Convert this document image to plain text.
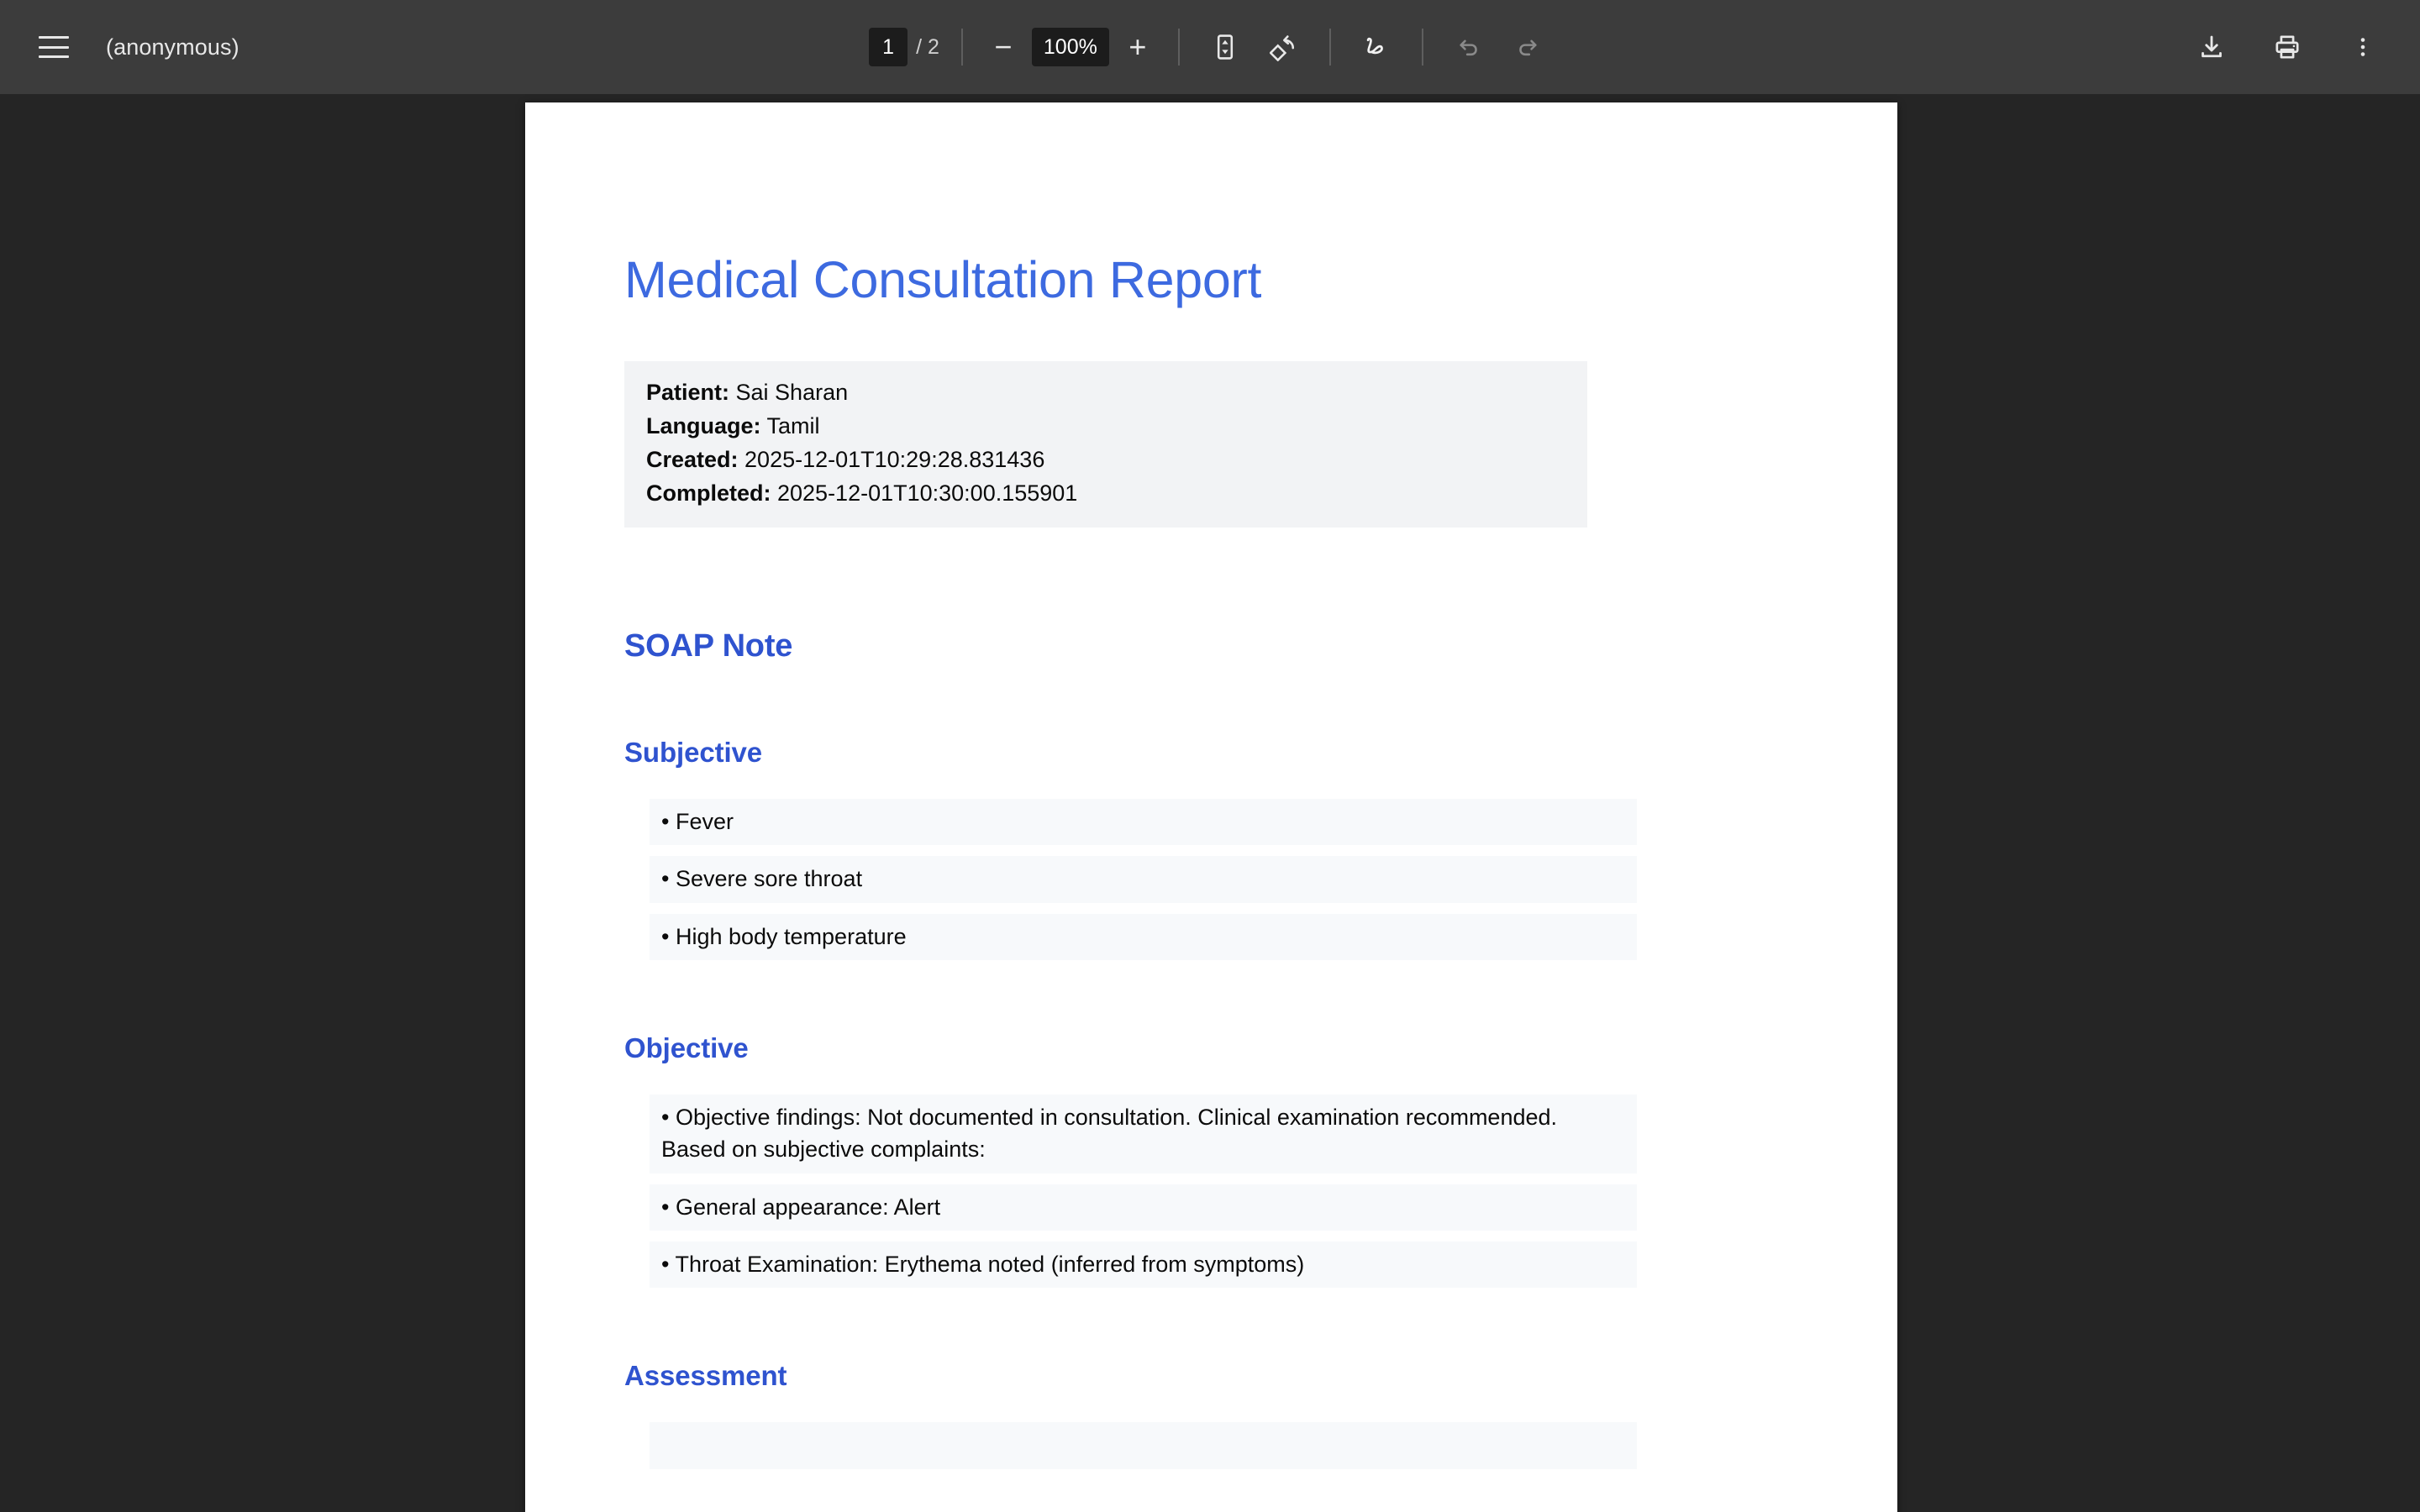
(anonymous)
1	/ 2	−	100%	+
Medical Consultation Report
Patient: Sai Sharan
Language: Tamil
Created: 2025-12-01T10:29:28.831436
Completed: 2025-12-01T10:30:00.155901
SOAP Note
Subjective
• Fever
• Severe sore throat
• High body temperature
Objective
• Objective findings: Not documented in consultation. Clinical examination recommended. Based on subjective complaints:
• General appearance: Alert
• Throat Examination: Erythema noted (inferred from symptoms)
Assessment
